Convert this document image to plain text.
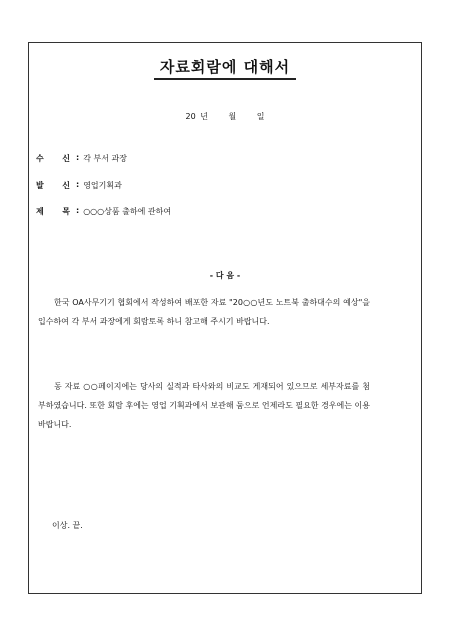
자료회람에 대해서
20 년	월	일
수 신 : 각 부서 과장
발 신 : 영업기획과
제 목 : ○○○상품 출하에 관하여
- 다 음 -
한국 OA사무기기 협회에서 작성하여 배포한 자료 "20○○년도 노트북 출하대수의 예상"을 입수하여 각 부서 과장에게 회람토록 하니 참고해 주시기 바랍니다.
동 자료 ○○페이지에는 당사의 실적과 타사와의 비교도 게재되어 있으므로 세부자료를 첨부하였습니다. 또한 회람 후에는 영업 기획과에서 보관해 둠으로 언제라도 필요한 경우에는 이용바랍니다.
이상. 끝.
